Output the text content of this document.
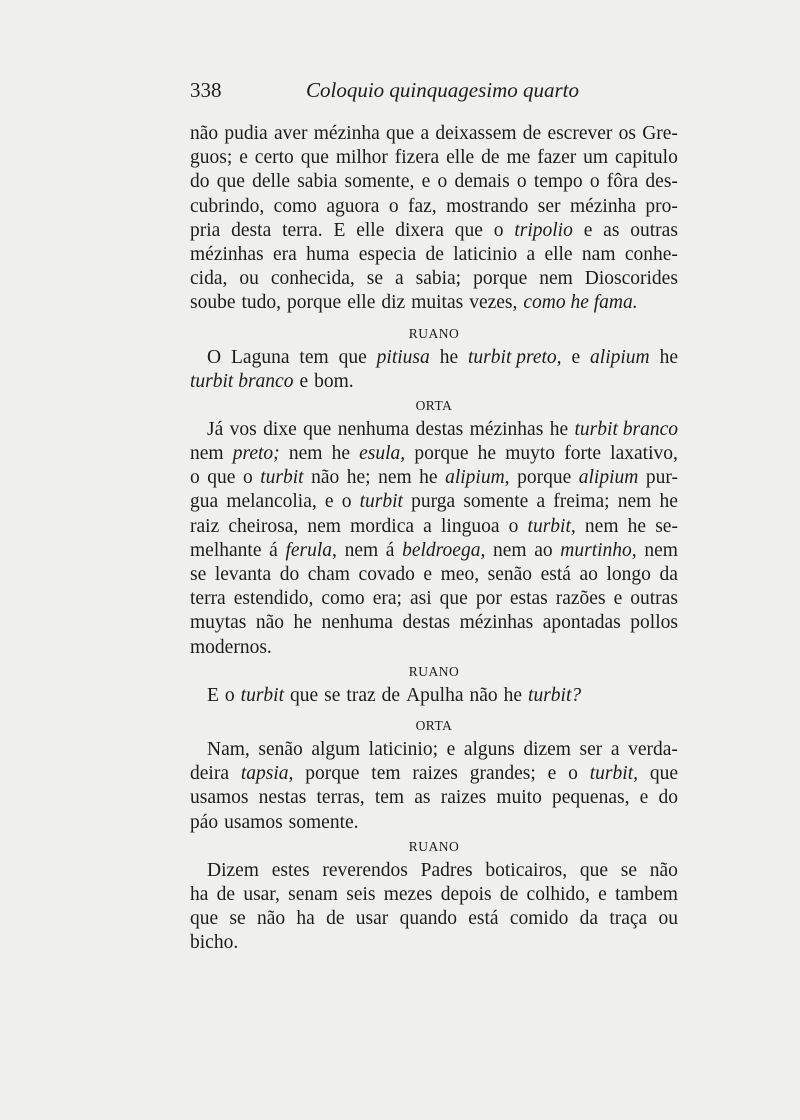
338	Coloquio quinquagesimo quarto
não pudia aver mézinha que a deixassem de escrever os Gre-
guos; e certo que milhor fizera elle de me fazer um capitulo
do que delle sabia somente, e o demais o tempo o fôra des-
cubrindo, como aguora o faz, mostrando ser mézinha pro-
pria desta terra. E elle dixera que o tripolio e as outras
mézinhas era huma especia de laticinio a elle nam conhe-
cida, ou conhecida, se a sabia; porque nem Dioscorides
soube tudo, porque elle diz muitas vezes, como he fama.
RUANO
O Laguna tem que pitiusa he turbit preto, e alipium he
turbit branco e bom.
ORTA
Já vos dixe que nenhuma destas mézinhas he turbit branco
nem preto; nem he esula, porque he muyto forte laxativo,
o que o turbit não he; nem he alipium, porque alipium pur-
gua melancolia, e o turbit purga somente a freima; nem he
raiz cheirosa, nem mordica a linguoa o turbit, nem he se-
melhante á ferula, nem á beldroega, nem ao murtinho, nem
se levanta do cham covado e meo, senão está ao longo da
terra estendido, como era; asi que por estas razões e outras
muytas não he nenhuma destas mézinhas apontadas pollos
modernos.
RUANO
E o turbit que se traz de Apulha não he turbit?
ORTA
Nam, senão algum laticinio; e alguns dizem ser a verda-
deira tapsia, porque tem raizes grandes; e o turbit, que
usamos nestas terras, tem as raizes muito pequenas, e do
páo usamos somente.
RUANO
Dizem estes reverendos Padres boticairos, que se não
ha de usar, senam seis mezes depois de colhido, e tambem
que se não ha de usar quando está comido da traça ou
bicho.
